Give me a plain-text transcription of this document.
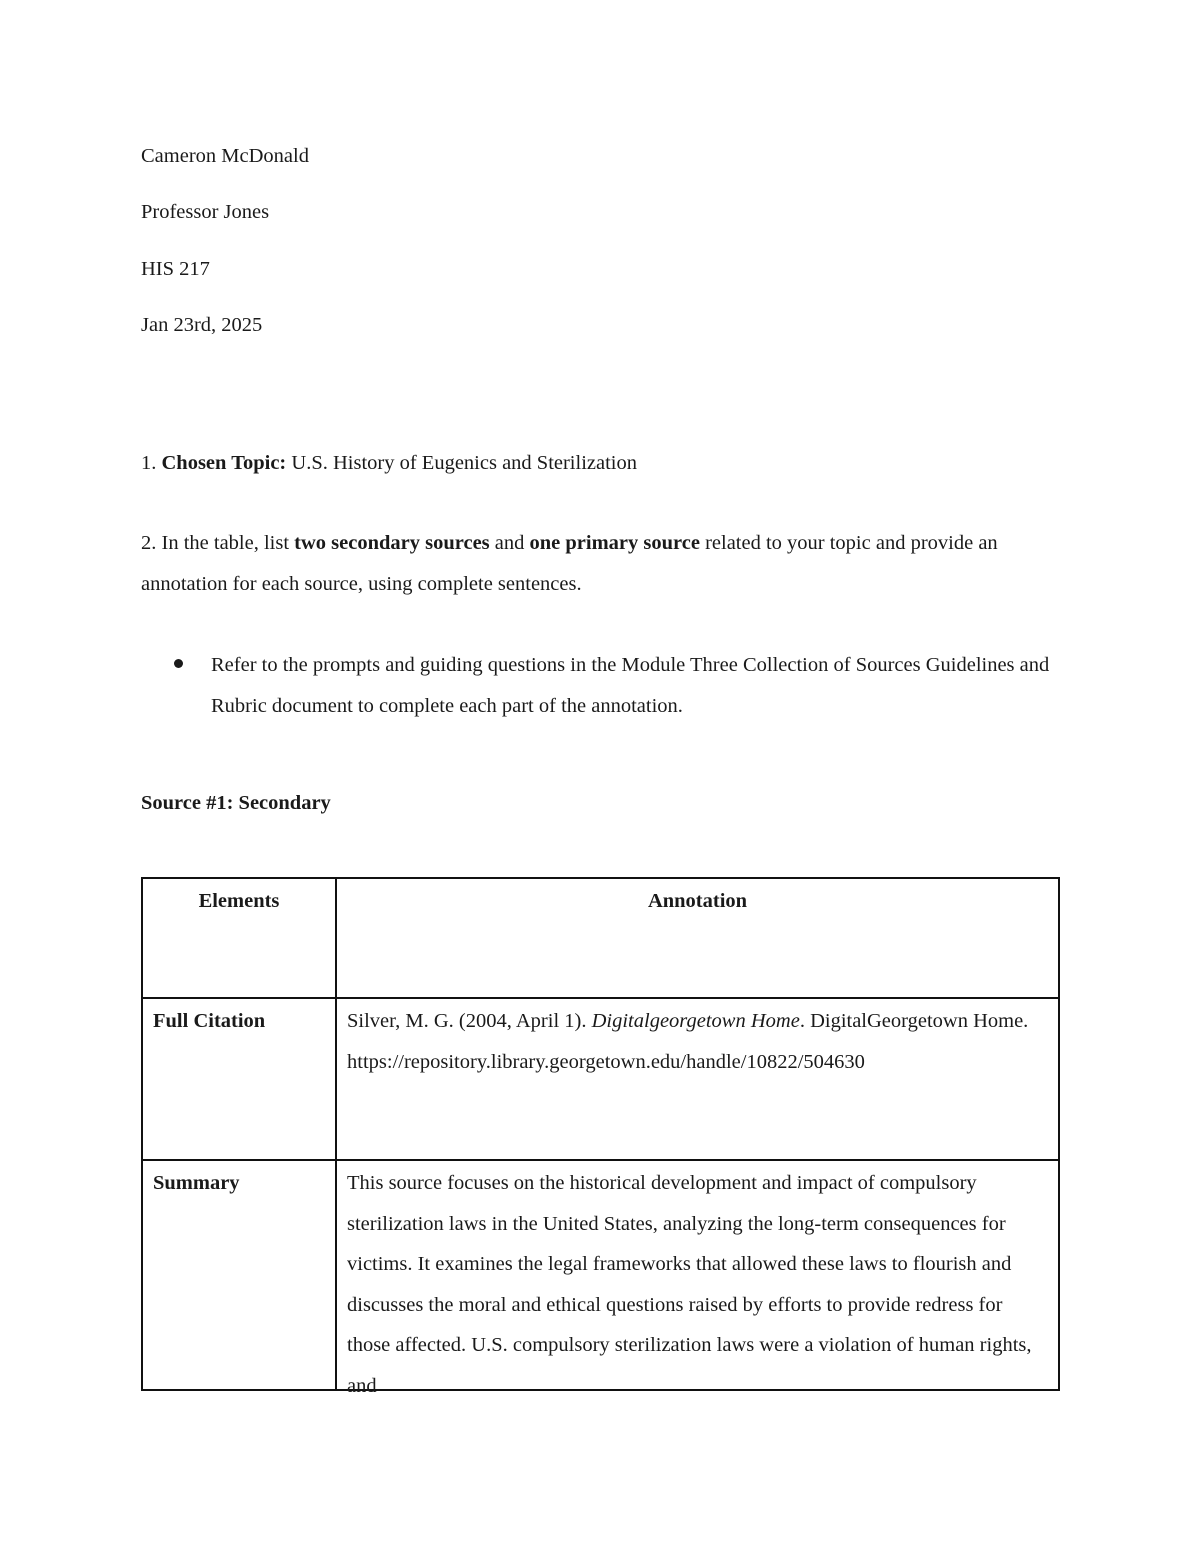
Cameron McDonald
Professor Jones
HIS 217
Jan 23rd, 2025
1. Chosen Topic: U.S. History of Eugenics and Sterilization
2. In the table, list two secondary sources and one primary source related to your topic and provide an annotation for each source, using complete sentences.
Refer to the prompts and guiding questions in the Module Three Collection of Sources Guidelines and Rubric document to complete each part of the annotation.
Source #1: Secondary
Elements	Annotation
Full Citation	Silver, M. G. (2004, April 1). Digitalgeorgetown Home. DigitalGeorgetown Home.
https://repository.library.georgetown.edu/handle/10822/504630
Summary	This source focuses on the historical development and impact of compulsory sterilization laws in the United States, analyzing the long-term consequences for victims. It examines the legal frameworks that allowed these laws to flourish and discusses the moral and ethical questions raised by efforts to provide redress for those affected. U.S. compulsory sterilization laws were a violation of human rights, and
